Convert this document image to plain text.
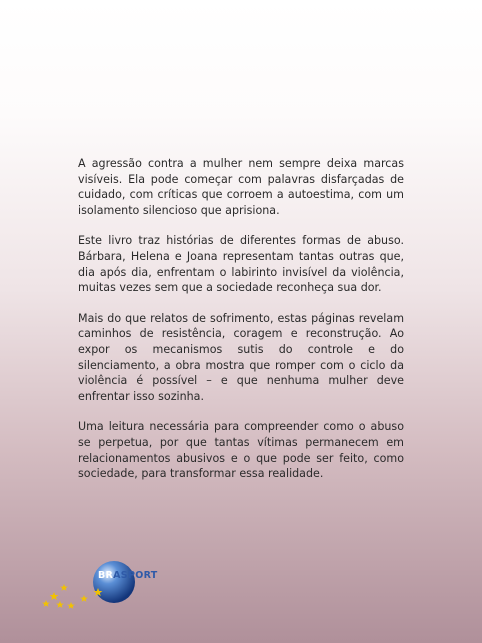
A agressão contra a mulher nem sempre deixa marcas visíveis. Ela pode começar com palavras disfarçadas de cuidado, com críticas que corroem a autoestima, com um isolamento silencioso que aprisiona.

Este livro traz histórias de diferentes formas de abuso. Bárbara, Helena e Joana representam tantas outras que, dia após dia, enfrentam o labirinto invisível da violência, muitas vezes sem que a sociedade reconheça sua dor.

Mais do que relatos de sofrimento, estas páginas revelam caminhos de resistência, coragem e reconstrução. Ao expor os mecanismos sutis do controle e do silenciamento, a obra mostra que romper com o ciclo da violência é possível – e que nenhuma mulher deve enfrentar isso sozinha.

Uma leitura necessária para compreender como o abuso se perpetua, por que tantas vítimas permanecem em relacionamentos abusivos e o que pode ser feito, como sociedade, para transformar essa realidade.

BRASPORT
